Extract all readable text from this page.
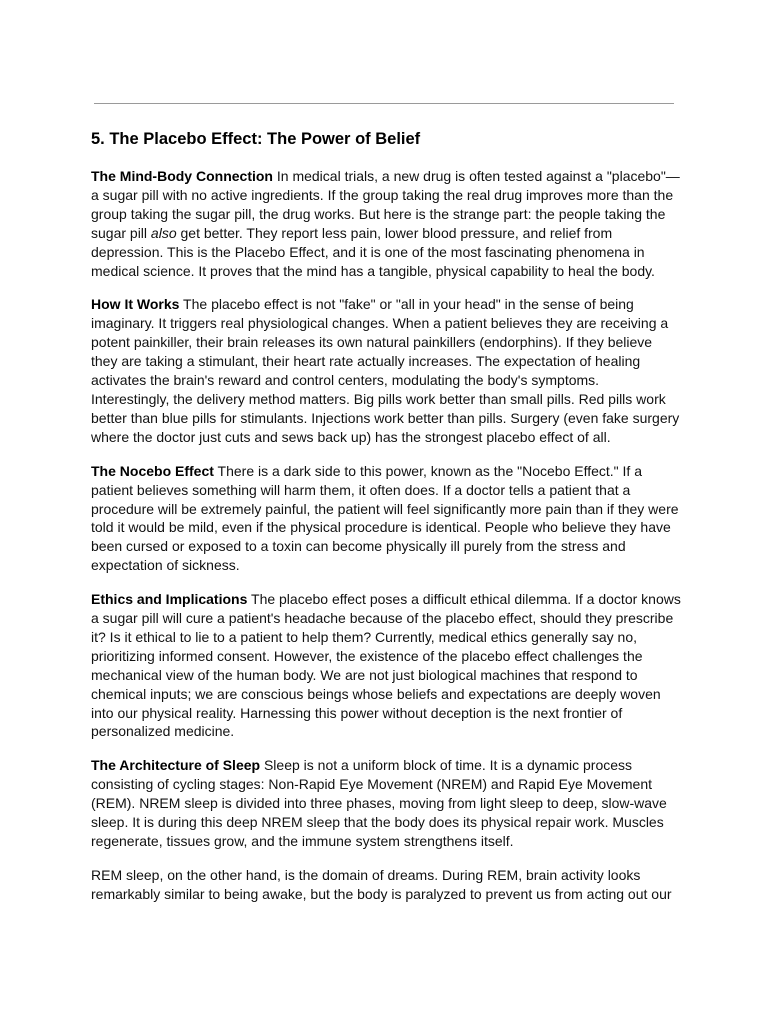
5. The Placebo Effect: The Power of Belief

The Mind-Body Connection In medical trials, a new drug is often tested against a "placebo"—a sugar pill with no active ingredients. If the group taking the real drug improves more than the group taking the sugar pill, the drug works. But here is the strange part: the people taking the sugar pill also get better. They report less pain, lower blood pressure, and relief from depression. This is the Placebo Effect, and it is one of the most fascinating phenomena in medical science. It proves that the mind has a tangible, physical capability to heal the body.

How It Works The placebo effect is not "fake" or "all in your head" in the sense of being imaginary. It triggers real physiological changes. When a patient believes they are receiving a potent painkiller, their brain releases its own natural painkillers (endorphins). If they believe they are taking a stimulant, their heart rate actually increases. The expectation of healing activates the brain's reward and control centers, modulating the body's symptoms. Interestingly, the delivery method matters. Big pills work better than small pills. Red pills work better than blue pills for stimulants. Injections work better than pills. Surgery (even fake surgery where the doctor just cuts and sews back up) has the strongest placebo effect of all.

The Nocebo Effect There is a dark side to this power, known as the "Nocebo Effect." If a patient believes something will harm them, it often does. If a doctor tells a patient that a procedure will be extremely painful, the patient will feel significantly more pain than if they were told it would be mild, even if the physical procedure is identical. People who believe they have been cursed or exposed to a toxin can become physically ill purely from the stress and expectation of sickness.

Ethics and Implications The placebo effect poses a difficult ethical dilemma. If a doctor knows a sugar pill will cure a patient's headache because of the placebo effect, should they prescribe it? Is it ethical to lie to a patient to help them? Currently, medical ethics generally say no, prioritizing informed consent. However, the existence of the placebo effect challenges the mechanical view of the human body. We are not just biological machines that respond to chemical inputs; we are conscious beings whose beliefs and expectations are deeply woven into our physical reality. Harnessing this power without deception is the next frontier of personalized medicine.

The Architecture of Sleep Sleep is not a uniform block of time. It is a dynamic process consisting of cycling stages: Non-Rapid Eye Movement (NREM) and Rapid Eye Movement (REM). NREM sleep is divided into three phases, moving from light sleep to deep, slow-wave sleep. It is during this deep NREM sleep that the body does its physical repair work. Muscles regenerate, tissues grow, and the immune system strengthens itself.

REM sleep, on the other hand, is the domain of dreams. During REM, brain activity looks remarkably similar to being awake, but the body is paralyzed to prevent us from acting out our
